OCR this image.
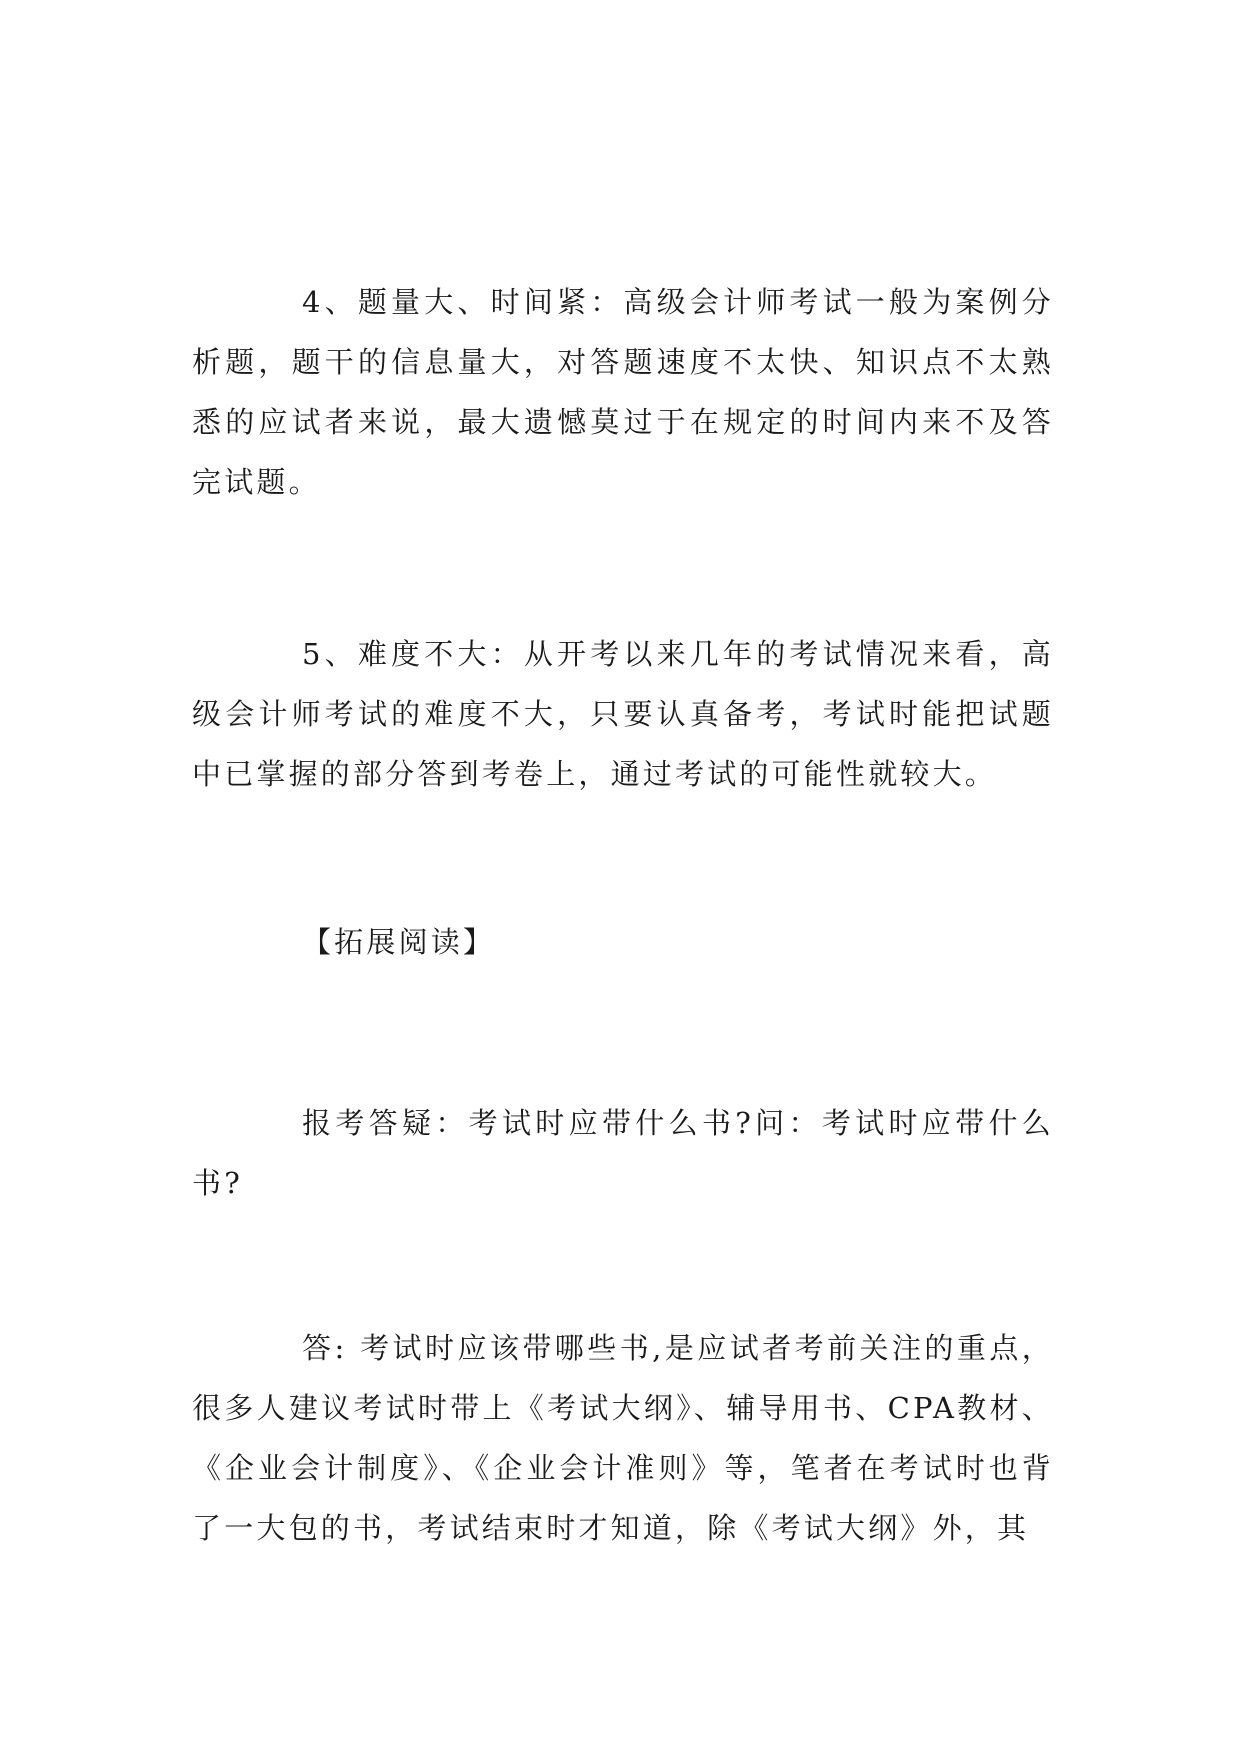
4、题量大、时间紧：高级会计师考试一般为案例分析题，题干的信息量大，对答题速度不太快、知识点不太熟悉的应试者来说，最大遗憾莫过于在规定的时间内来不及答完试题。

5、难度不大：从开考以来几年的考试情况来看，高级会计师考试的难度不大，只要认真备考，考试时能把试题中已掌握的部分答到考卷上，通过考试的可能性就较大。

【拓展阅读】

报考答疑：考试时应带什么书?问：考试时应带什么书?

答: 考试时应该带哪些书,是应试者考前关注的重点，很多人建议考试时带上《考试大纲》、辅导用书、CPA教材、《企业会计制度》、《企业会计准则》等，笔者在考试时也背了一大包的书，考试结束时才知道，除《考试大纲》外，其
